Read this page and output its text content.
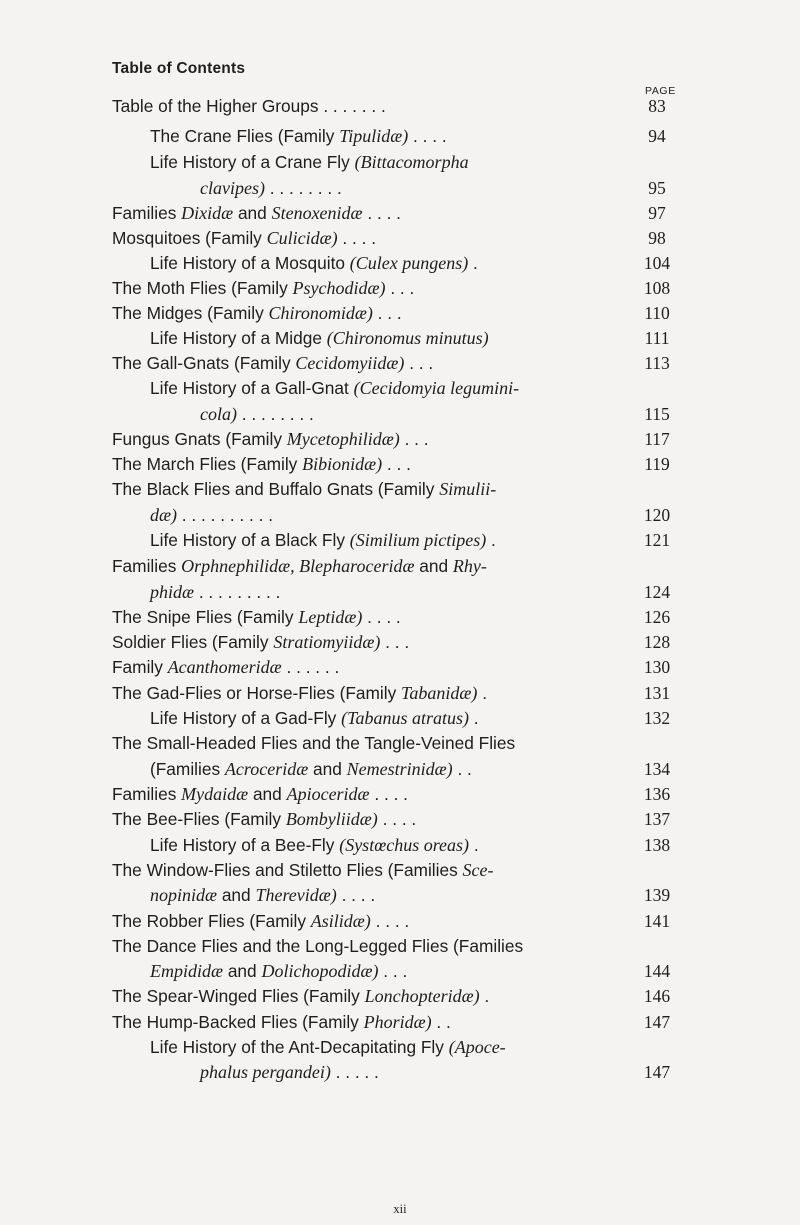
Table of Contents
PAGE
Table of the Higher Groups . . . . . . .	83
The Crane Flies (Family Tipulidæ) . . . .	94
Life History of a Crane Fly (Bittacomorpha
clavipes) . . . . . . . .	95
Families Dixidæ and Stenoxenidæ . . . .	97
Mosquitoes (Family Culicidæ) . . . .	98
Life History of a Mosquito (Culex pungens) .	104
The Moth Flies (Family Psychodidæ) . . .	108
The Midges (Family Chironomidæ) . . .	110
Life History of a Midge (Chironomus minutus)	111
The Gall-Gnats (Family Cecidomyiidæ) . . .	113
Life History of a Gall-Gnat (Cecidomyia legumini-
cola) . . . . . . . .	115
Fungus Gnats (Family Mycetophilidæ) . . .	117
The March Flies (Family Bibionidæ) . . .	119
The Black Flies and Buffalo Gnats (Family Simulii-
dæ) . . . . . . . . . .	120
Life History of a Black Fly (Similium pictipes) .	121
Families Orphnephilidæ, Blepharoceridæ and Rhy-
phidæ . . . . . . . . .	124
The Snipe Flies (Family Leptidæ) . . . .	126
Soldier Flies (Family Stratiomyiidæ) . . .	128
Family Acanthomeridæ . . . . . .	130
The Gad-Flies or Horse-Flies (Family Tabanidæ) .	131
Life History of a Gad-Fly (Tabanus atratus) .	132
The Small-Headed Flies and the Tangle-Veined Flies
(Families Acroceridæ and Nemestrinidæ) . .	134
Families Mydaidæ and Apioceridæ . . . .	136
The Bee-Flies (Family Bombyliidæ) . . . .	137
Life History of a Bee-Fly (Systœchus oreas) .	138
The Window-Flies and Stiletto Flies (Families Sce-
nopinidæ and Therevidæ) . . . .	139
The Robber Flies (Family Asilidæ) . . . .	141
The Dance Flies and the Long-Legged Flies (Families
Empididæ and Dolichopodidæ) . . .	144
The Spear-Winged Flies (Family Lonchopteridæ) .	146
The Hump-Backed Flies (Family Phoridæ) . .	147
Life History of the Ant-Decapitating Fly (Apoce-
phalus pergandei) . . . . .	147
xii
